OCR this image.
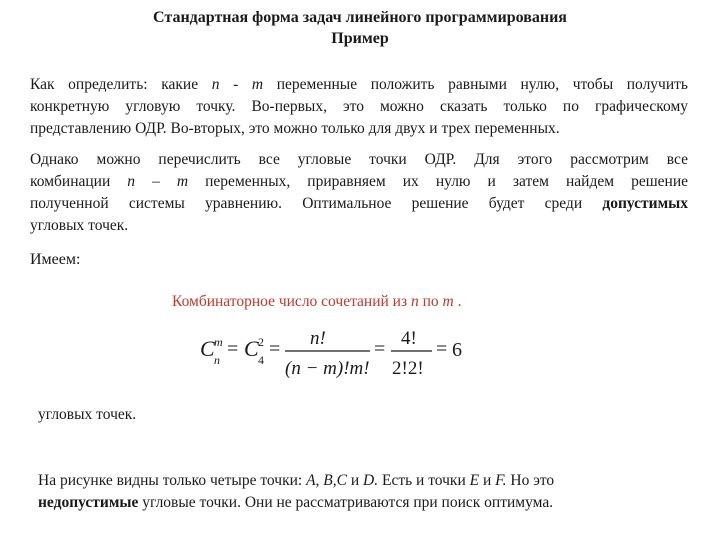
Стандартная форма задач линейного программирования
Пример
Как определить: какие n - m переменные положить равными нулю, чтобы получить
конкретную угловую точку. Во-первых, это можно сказать только по графическому
представлению ОДР. Во-вторых, это можно только для двух и трех переменных.
Однако можно перечислить все угловые точки ОДР. Для этого рассмотрим все
комбинации n – m переменных, приравняем их нулю и затем найдем решение
полученной системы уравнению. Оптимальное решение будет среди допустимых
угловых точек.
Имеем:
Комбинаторное число сочетаний из n по m .
C m
n = C 2
4 = n!
(n − m)!m!
= 4!
2!2!
= 6
угловых точек.
На рисунке видны только четыре точки: A, B,C и D. Есть и точки E и F. Но это
недопустимые угловые точки. Они не рассматриваются при поиск оптимума.
